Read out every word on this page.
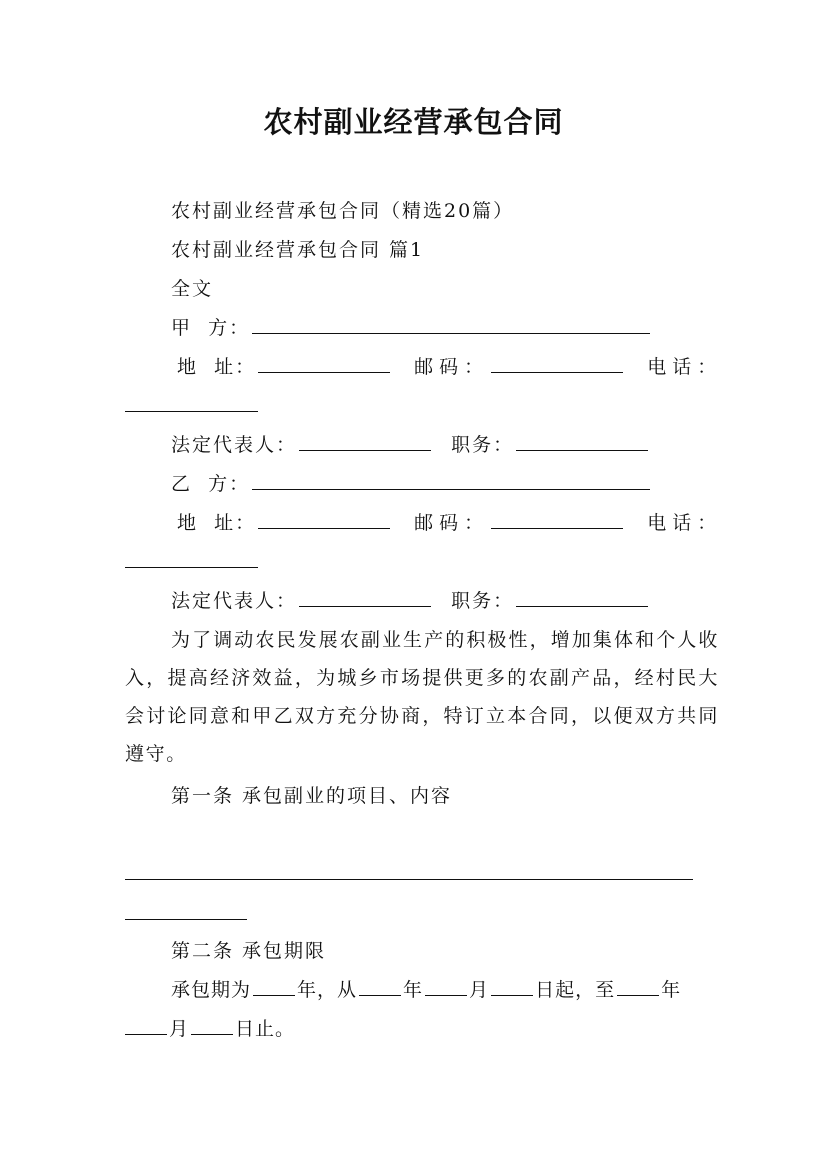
农村副业经营承包合同
农村副业经营承包合同（精选20篇）
农村副业经营承包合同 篇1
全文
甲  方：
地  址：	邮码：	电话：
法定代表人：	职务：
乙  方：
地  址：	邮码：	电话：
法定代表人：	职务：
为了调动农民发展农副业生产的积极性，增加集体和个人收入，提高经济效益，为城乡市场提供更多的农副产品，经村民大会讨论同意和甲乙双方充分协商，特订立本合同，以便双方共同遵守。
第一条 承包副业的项目、内容
第二条 承包期限
承包期为 年，从 年 月 日起，至 年
月 日止。
